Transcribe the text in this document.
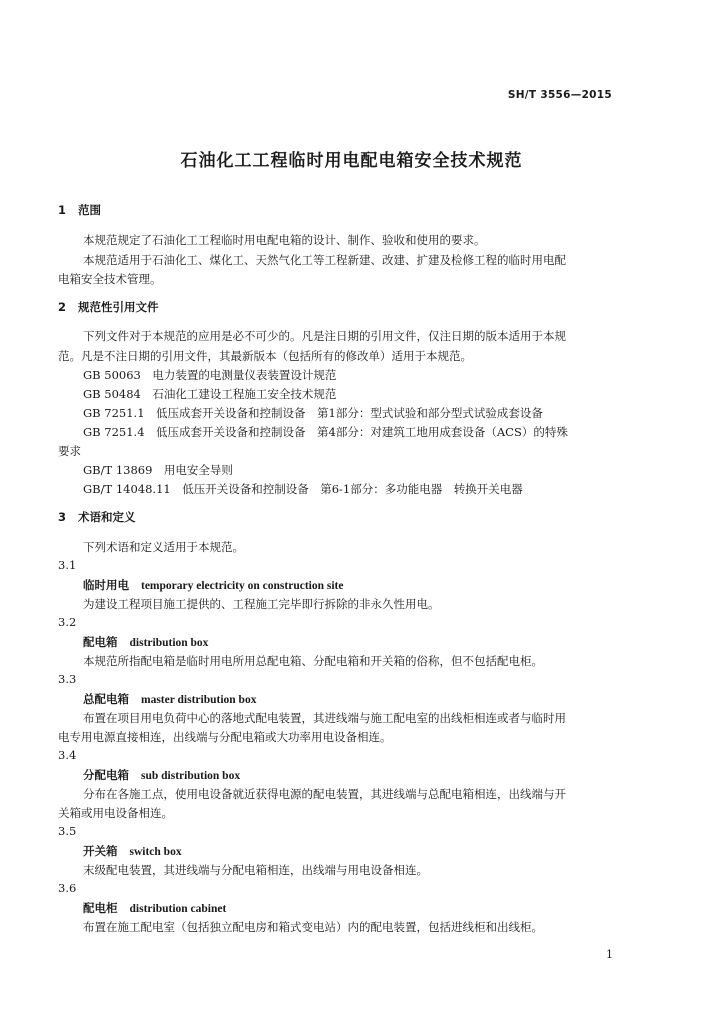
SH/T 3556—2015
石油化工工程临时用电配电箱安全技术规范
1 范围
本规范规定了石油化工工程临时用电配电箱的设计、制作、验收和使用的要求。
本规范适用于石油化工、煤化工、天然气化工等工程新建、改建、扩建及检修工程的临时用电配
电箱安全技术管理。
2 规范性引用文件
下列文件对于本规范的应用是必不可少的。凡是注日期的引用文件，仅注日期的版本适用于本规
范。凡是不注日期的引用文件，其最新版本（包括所有的修改单）适用于本规范。
GB 50063　电力装置的电测量仪表装置设计规范
GB 50484　石油化工建设工程施工安全技术规范
GB 7251.1　低压成套开关设备和控制设备　第1部分：型式试验和部分型式试验成套设备
GB 7251.4　低压成套开关设备和控制设备　第4部分：对建筑工地用成套设备（ACS）的特殊
要求
GB/T 13869　用电安全导则
GB/T 14048.11　低压开关设备和控制设备　第6-1部分：多功能电器　转换开关电器
3 术语和定义
下列术语和定义适用于本规范。
3.1
临时用电 temporary electricity on construction site
为建设工程项目施工提供的、工程施工完毕即行拆除的非永久性用电。
3.2
配电箱 distribution box
本规范所指配电箱是临时用电所用总配电箱、分配电箱和开关箱的俗称，但不包括配电柜。
3.3
总配电箱 master distribution box
布置在项目用电负荷中心的落地式配电装置，其进线端与施工配电室的出线柜相连或者与临时用
电专用电源直接相连，出线端与分配电箱或大功率用电设备相连。
3.4
分配电箱 sub distribution box
分布在各施工点，使用电设备就近获得电源的配电装置，其进线端与总配电箱相连，出线端与开
关箱或用电设备相连。
3.5
开关箱 switch box
末级配电装置，其进线端与分配电箱相连，出线端与用电设备相连。
3.6
配电柜 distribution cabinet
布置在施工配电室（包括独立配电房和箱式变电站）内的配电装置，包括进线柜和出线柜。
1
